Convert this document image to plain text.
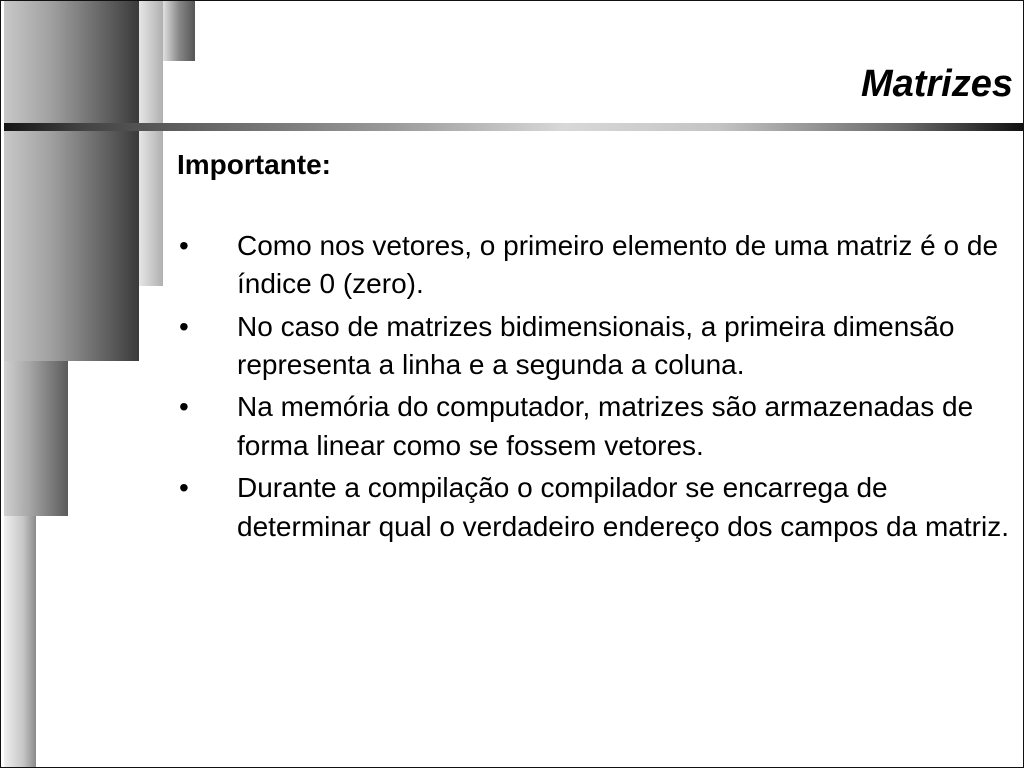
Matrizes

Importante:

• Como nos vetores, o primeiro elemento de uma matriz é o de índice 0 (zero).
• No caso de matrizes bidimensionais, a primeira dimensão representa a linha e a segunda a coluna.
• Na memória do computador, matrizes são armazenadas de forma linear como se fossem vetores.
• Durante a compilação o compilador se encarrega de determinar qual o verdadeiro endereço dos campos da matriz.
